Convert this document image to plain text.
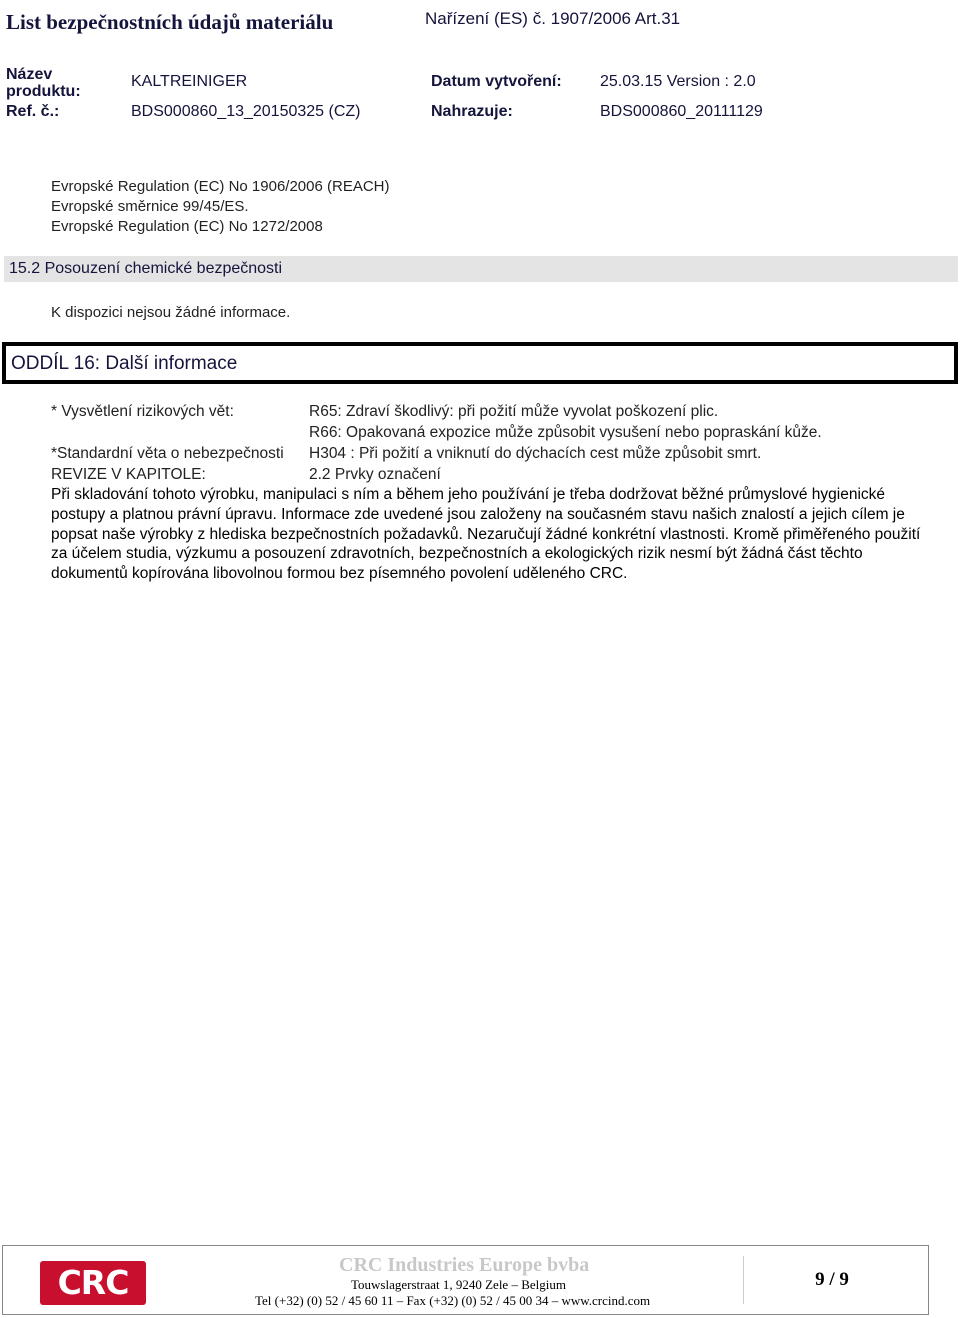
List bezpečnostních údajů materiálu	Nařízení (ES) č. 1907/2006 Art.31
Název
produktu:
KALTREINIGER	Datum vytvoření: 25.03.15 Version : 2.0
Ref. č.:	BDS000860_13_20150325 (CZ)	Nahrazuje:	BDS000860_20111129
Evropské Regulation (EC) No 1906/2006 (REACH)
Evropské směrnice 99/45/ES.
Evropské Regulation (EC) No 1272/2008
15.2 Posouzení chemické bezpečnosti
K dispozici nejsou žádné informace.
ODDÍL 16: Další informace
* Vysvětlení rizikových vět:	R65: Zdraví škodlivý: při požití může vyvolat poškození plic.
R66: Opakovaná expozice může způsobit vysušení nebo popraskání kůže.
*Standardní věta o nebezpečnosti	H304 : Při požití a vniknutí do dýchacích cest může způsobit smrt.
REVIZE V KAPITOLE:	2.2 Prvky označení
Při skladování tohoto výrobku, manipulaci s ním a během jeho používání je třeba dodržovat běžné průmyslové hygienické postupy a platnou právní úpravu. Informace zde uvedené jsou založeny na současném stavu našich znalostí a jejich cílem je popsat naše výrobky z hlediska bezpečnostních požadavků. Nezaručují žádné konkrétní vlastnosti. Kromě přiměřeného použití za účelem studia, výzkumu a posouzení zdravotních, bezpečnostních a ekologických rizik nesmí být žádná část těchto dokumentů kopírována libovolnou formou bez písemného povolení uděleného CRC.
CRC	CRC Industries Europe bvba
Touwslagerstraat 1, 9240 Zele – Belgium
Tel (+32) (0) 52 / 45 60 11 – Fax (+32) (0) 52 / 45 00 34 – www.crcind.com
9 / 9
